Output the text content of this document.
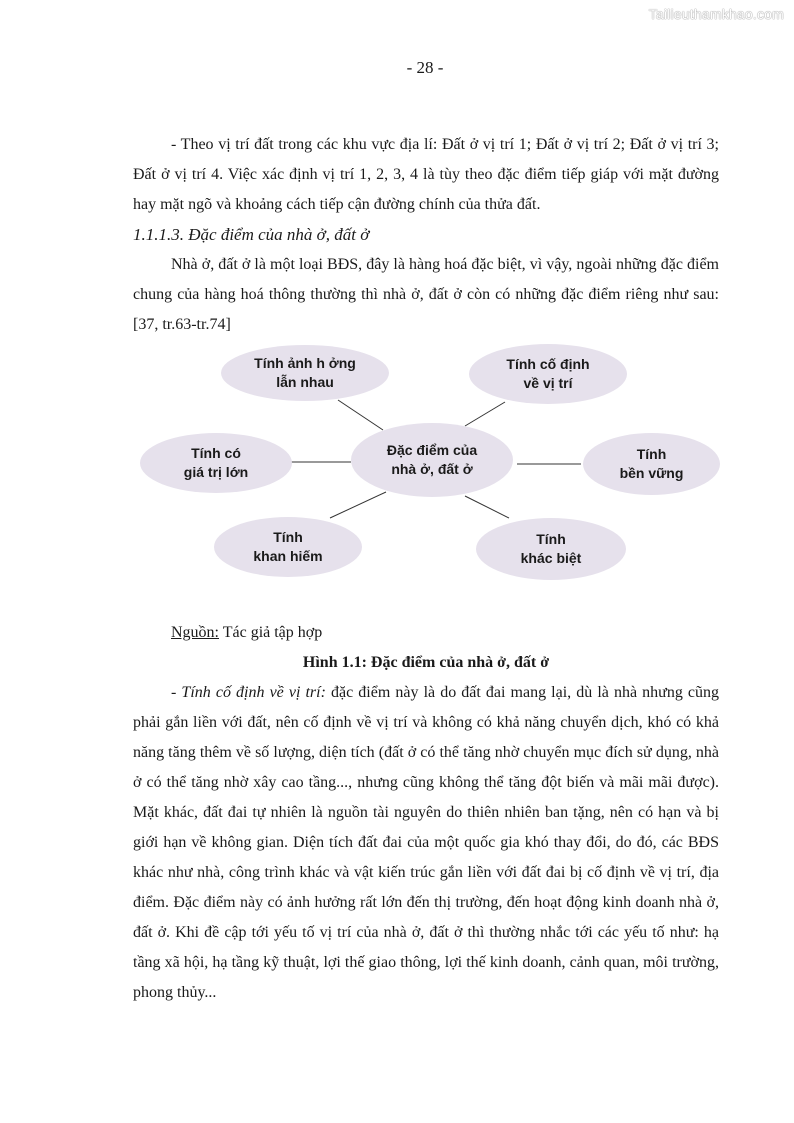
Tailieuthamkhao.com
- 28 -

- Theo vị trí đất trong các khu vực địa lí: Đất ở vị trí 1; Đất ở vị trí 2; Đất ở vị trí 3; Đất ở vị trí 4. Việc xác định vị trí 1, 2, 3, 4 là tùy theo đặc điểm tiếp giáp với mặt đường hay mặt ngõ và khoảng cách tiếp cận đường chính của thửa đất.

1.1.1.3. Đặc điểm của nhà ở, đất ở

Nhà ở, đất ở là một loại BĐS, đây là hàng hoá đặc biệt, vì vậy, ngoài những đặc điểm chung của hàng hoá thông thường thì nhà ở, đất ở còn có những đặc điểm riêng như sau: [37, tr.63-tr.74]

Đặc điểm của
nhà ở, đất ở
Tính ảnh h ởng
lẫn nhau
Tính cố định
về vị trí
Tính có
giá trị lớn
Tính
bền vững
Tính
khan hiếm
Tính
khác biệt

Nguồn: Tác giả tập hợp

Hình 1.1: Đặc điểm của nhà ở, đất ở

- Tính cố định về vị trí: đặc điểm này là do đất đai mang lại, dù là nhà nhưng cũng phải gắn liền với đất, nên cố định về vị trí và không có khả năng chuyển dịch, khó có khả năng tăng thêm về số lượng, diện tích (đất ở có thể tăng nhờ chuyển mục đích sử dụng, nhà ở có thể tăng nhờ xây cao tầng..., nhưng cũng không thể tăng đột biến và mãi mãi được). Mặt khác, đất đai tự nhiên là nguồn tài nguyên do thiên nhiên ban tặng, nên có hạn và bị giới hạn về không gian. Diện tích đất đai của một quốc gia khó thay đổi, do đó, các BĐS khác như nhà, công trình khác và vật kiến trúc gắn liền với đất đai bị cố định về vị trí, địa điểm. Đặc điểm này có ảnh hưởng rất lớn đến thị trường, đến hoạt động kinh doanh nhà ở, đất ở. Khi đề cập tới yếu tố vị trí của nhà ở, đất ở thì thường nhắc tới các yếu tố như: hạ tầng xã hội, hạ tầng kỹ thuật, lợi thế giao thông, lợi thế kinh doanh, cảnh quan, môi trường, phong thủy...
